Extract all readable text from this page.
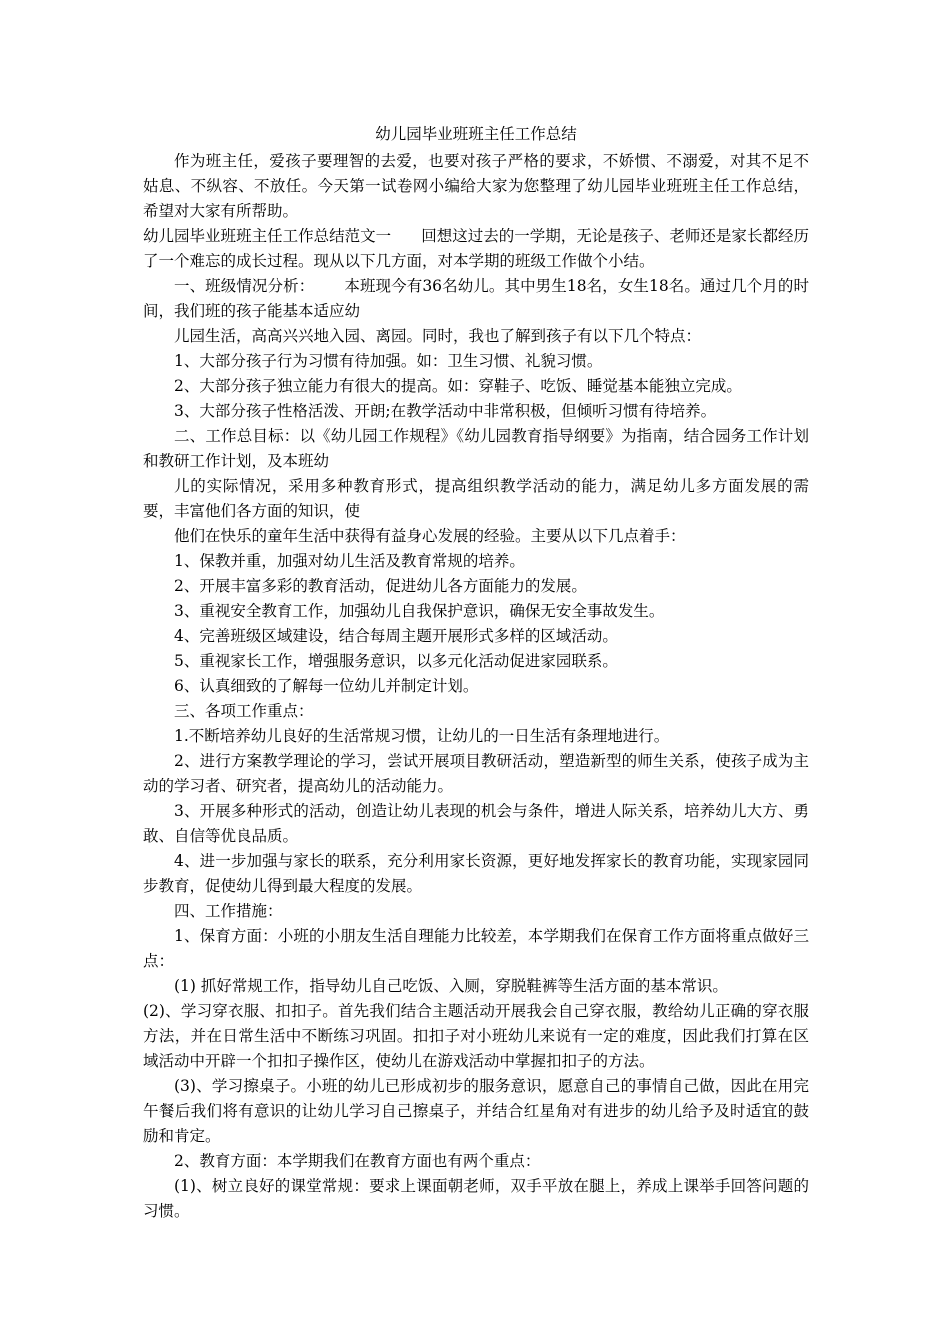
幼儿园毕业班班主任工作总结

作为班主任，爱孩子要理智的去爱，也要对孩子严格的要求，不娇惯、不溺爱，对其不足不姑息、不纵容、不放任。今天第一试卷网小编给大家为您整理了幼儿园毕业班班主任工作总结，希望对大家有所帮助。

幼儿园毕业班班主任工作总结范文一 回想这过去的一学期，无论是孩子、老师还是家长都经历了一个难忘的成长过程。现从以下几方面，对本学期的班级工作做个小结。

一、班级情况分析： 本班现今有36名幼儿。其中男生18名，女生18名。通过几个月的时间，我们班的孩子能基本适应幼

儿园生活，高高兴兴地入园、离园。同时，我也了解到孩子有以下几个特点：

1、大部分孩子行为习惯有待加强。如：卫生习惯、礼貌习惯。

2、大部分孩子独立能力有很大的提高。如：穿鞋子、吃饭、睡觉基本能独立完成。

3、大部分孩子性格活泼、开朗;在教学活动中非常积极，但倾听习惯有待培养。

二、工作总目标：以《幼儿园工作规程》《幼儿园教育指导纲要》为指南，结合园务工作计划和教研工作计划，及本班幼

儿的实际情况，采用多种教育形式，提高组织教学活动的能力，满足幼儿多方面发展的需要，丰富他们各方面的知识，使

他们在快乐的童年生活中获得有益身心发展的经验。主要从以下几点着手：

1、保教并重，加强对幼儿生活及教育常规的培养。

2、开展丰富多彩的教育活动，促进幼儿各方面能力的发展。

3、重视安全教育工作，加强幼儿自我保护意识，确保无安全事故发生。

4、完善班级区域建设，结合每周主题开展形式多样的区域活动。

5、重视家长工作，增强服务意识，以多元化活动促进家园联系。

6、认真细致的了解每一位幼儿并制定计划。

三、各项工作重点：

1.不断培养幼儿良好的生活常规习惯，让幼儿的一日生活有条理地进行。

2、进行方案教学理论的学习，尝试开展项目教研活动，塑造新型的师生关系，使孩子成为主动的学习者、研究者，提高幼儿的活动能力。

3、开展多种形式的活动，创造让幼儿表现的机会与条件，增进人际关系，培养幼儿大方、勇敢、自信等优良品质。

4、进一步加强与家长的联系，充分利用家长资源，更好地发挥家长的教育功能，实现家园同步教育，促使幼儿得到最大程度的发展。

四、工作措施：

1、保育方面：小班的小朋友生活自理能力比较差，本学期我们在保育工作方面将重点做好三点：

(1) 抓好常规工作，指导幼儿自己吃饭、入厕，穿脱鞋裤等生活方面的基本常识。

(2)、学习穿衣服、扣扣子。首先我们结合主题活动开展我会自己穿衣服，教给幼儿正确的穿衣服方法，并在日常生活中不断练习巩固。扣扣子对小班幼儿来说有一定的难度，因此我们打算在区域活动中开辟一个扣扣子操作区，使幼儿在游戏活动中掌握扣扣子的方法。

(3)、学习擦桌子。小班的幼儿已形成初步的服务意识，愿意自己的事情自己做，因此在用完午餐后我们将有意识的让幼儿学习自己擦桌子，并结合红星角对有进步的幼儿给予及时适宜的鼓励和肯定。

2、教育方面：本学期我们在教育方面也有两个重点：

(1)、树立良好的课堂常规：要求上课面朝老师，双手平放在腿上，养成上课举手回答问题的习惯。
